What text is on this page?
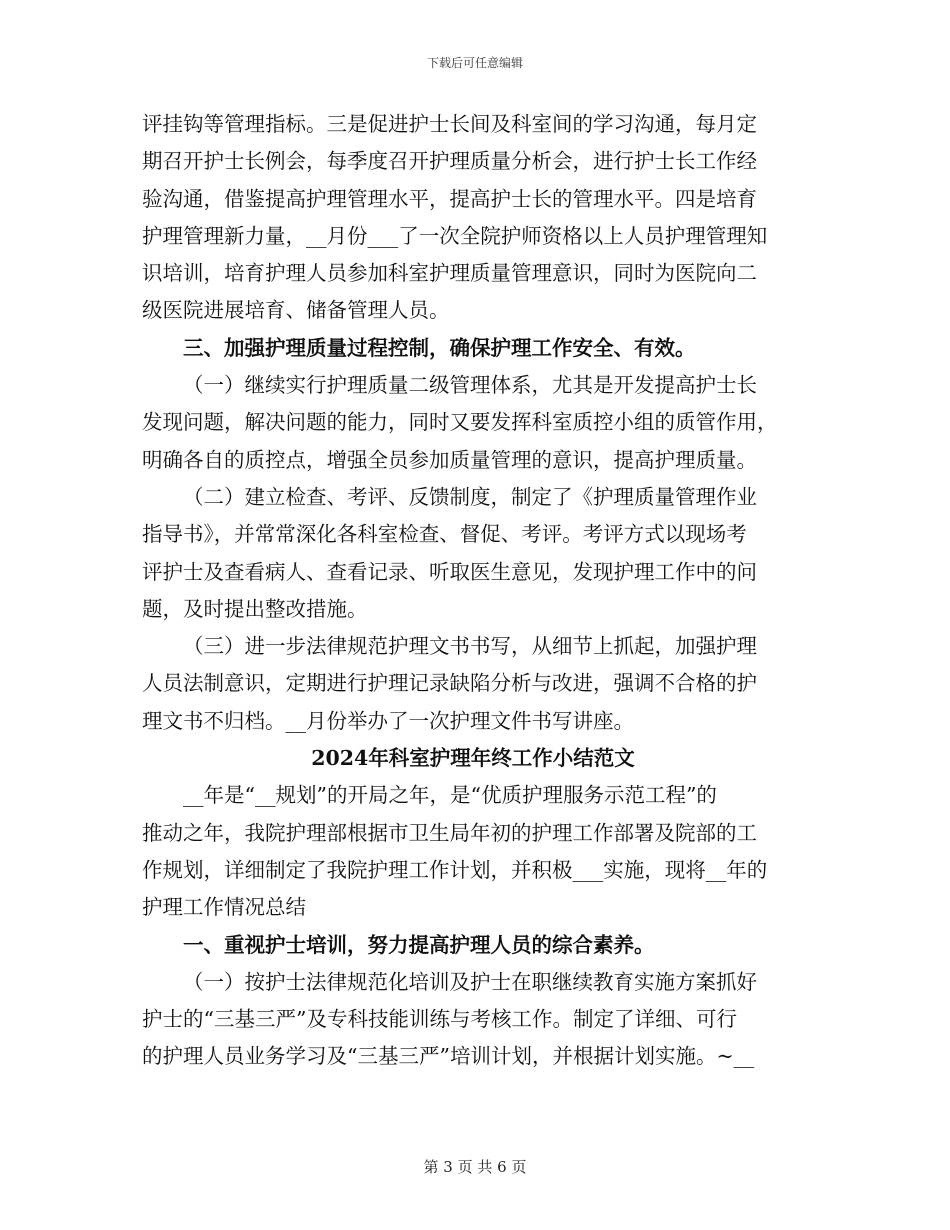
下载后可任意编辑
评挂钩等管理指标。三是促进护士长间及科室间的学习沟通，每月定
期召开护士长例会，每季度召开护理质量分析会，进行护士长工作经
验沟通，借鉴提高护理管理水平，提高护士长的管理水平。四是培育
护理管理新力量，__月份___了一次全院护师资格以上人员护理管理知
识培训，培育护理人员参加科室护理质量管理意识，同时为医院向二
级医院进展培育、储备管理人员。
三、加强护理质量过程控制，确保护理工作安全、有效。
（一）继续实行护理质量二级管理体系，尤其是开发提高护士长
发现问题，解决问题的能力，同时又要发挥科室质控小组的质管作用，
明确各自的质控点，增强全员参加质量管理的意识，提高护理质量。
（二）建立检查、考评、反馈制度，制定了《护理质量管理作业
指导书》，并常常深化各科室检查、督促、考评。考评方式以现场考
评护士及查看病人、查看记录、听取医生意见，发现护理工作中的问
题，及时提出整改措施。
（三）进一步法律规范护理文书书写，从细节上抓起，加强护理
人员法制意识，定期进行护理记录缺陷分析与改进，强调不合格的护
理文书不归档。__月份举办了一次护理文件书写讲座。
2024年科室护理年终工作小结范文
__年是“__规划”的开局之年，是“优质护理服务示范工程”的
推动之年，我院护理部根据市卫生局年初的护理工作部署及院部的工
作规划，详细制定了我院护理工作计划，并积极___实施，现将__年的
护理工作情况总结
一、重视护士培训，努力提高护理人员的综合素养。
（一）按护士法律规范化培训及护士在职继续教育实施方案抓好
护士的“三基三严”及专科技能训练与考核工作。制定了详细、可行
的护理人员业务学习及“三基三严”培训计划，并根据计划实施。~__
第 3 页 共 6 页
